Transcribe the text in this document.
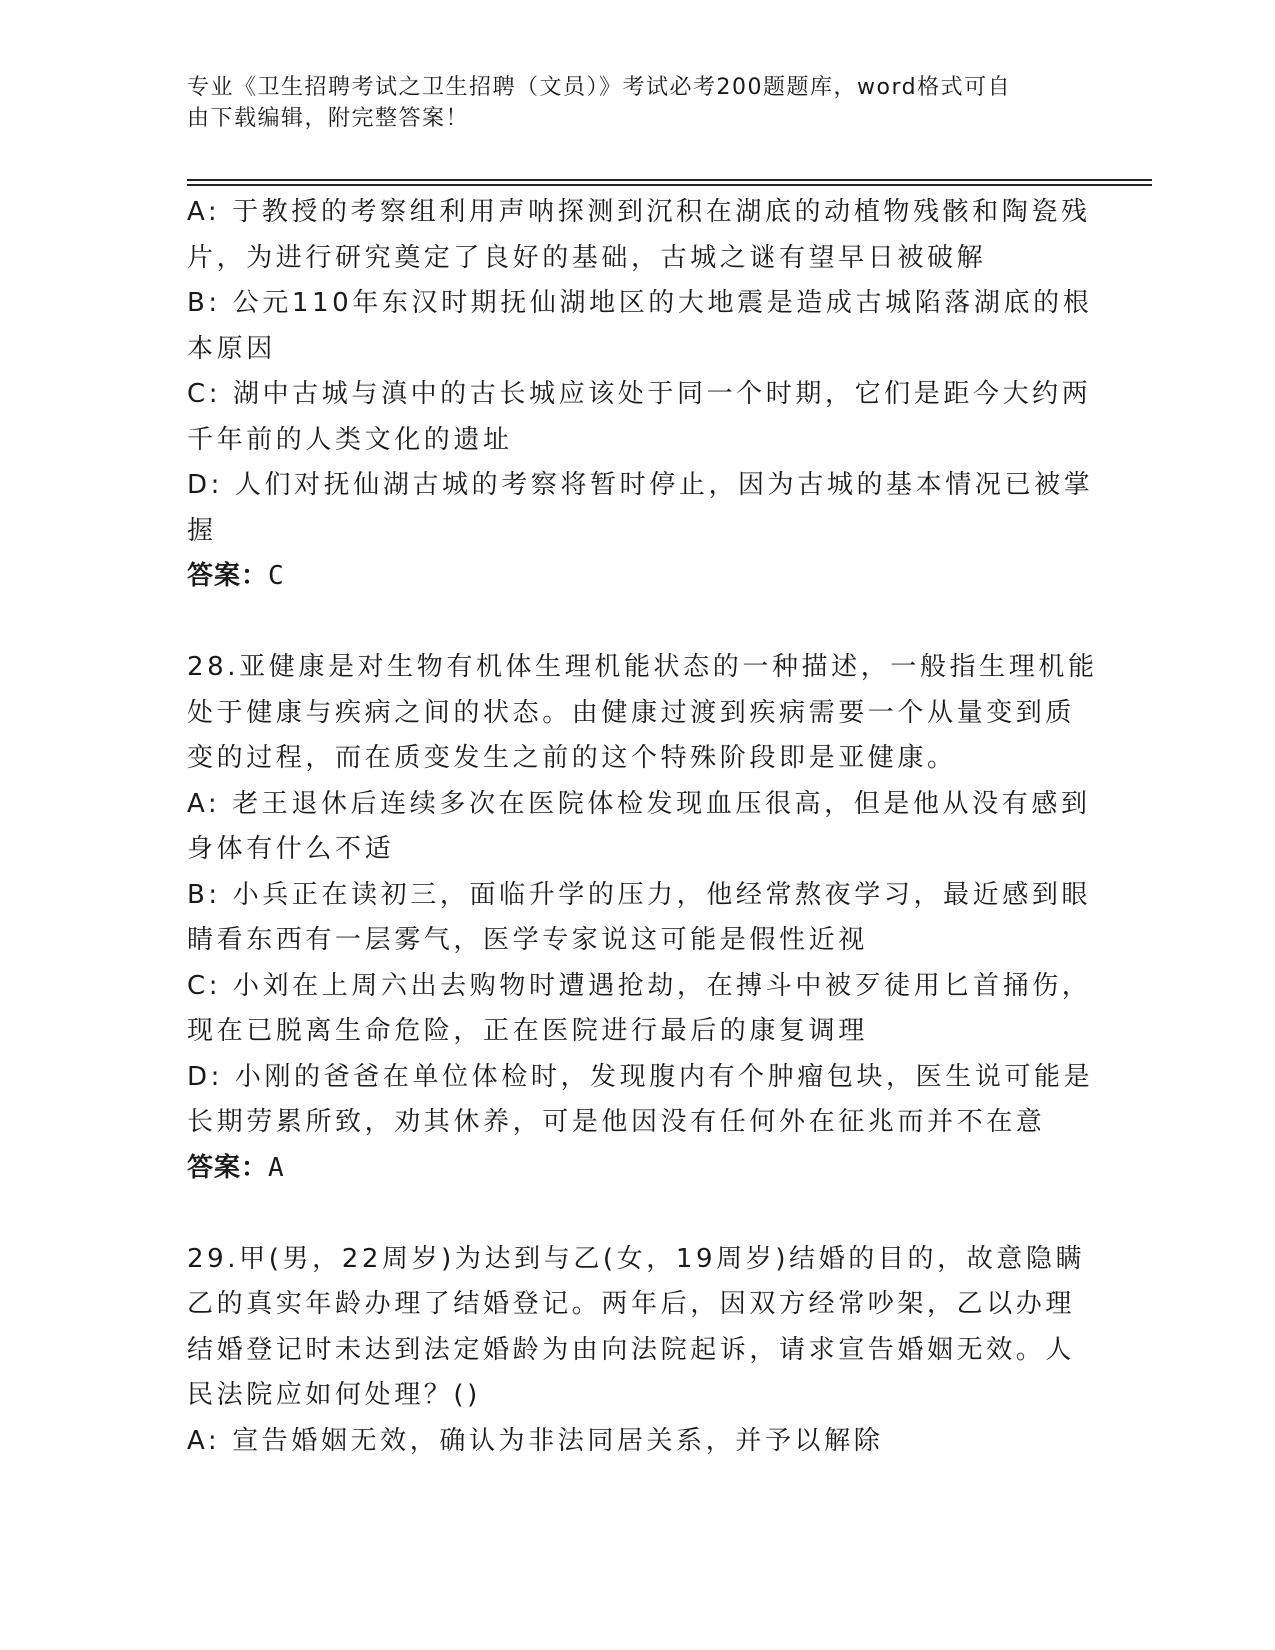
专业《卫生招聘考试之卫生招聘（文员）》考试必考200题题库，word格式可自
由下载编辑，附完整答案！
A: 于教授的考察组利用声呐探测到沉积在湖底的动植物残骸和陶瓷残
片，为进行研究奠定了良好的基础，古城之谜有望早日被破解
B: 公元110年东汉时期抚仙湖地区的大地震是造成古城陷落湖底的根
本原因
C: 湖中古城与滇中的古长城应该处于同一个时期，它们是距今大约两
千年前的人类文化的遗址
D: 人们对抚仙湖古城的考察将暂时停止，因为古城的基本情况已被掌
握
答案：C
28.亚健康是对生物有机体生理机能状态的一种描述，一般指生理机能
处于健康与疾病之间的状态。由健康过渡到疾病需要一个从量变到质
变的过程，而在质变发生之前的这个特殊阶段即是亚健康。
A: 老王退休后连续多次在医院体检发现血压很高，但是他从没有感到
身体有什么不适
B: 小兵正在读初三，面临升学的压力，他经常熬夜学习，最近感到眼
睛看东西有一层雾气，医学专家说这可能是假性近视
C: 小刘在上周六出去购物时遭遇抢劫，在搏斗中被歹徒用匕首捅伤，
现在已脱离生命危险，正在医院进行最后的康复调理
D: 小刚的爸爸在单位体检时，发现腹内有个肿瘤包块，医生说可能是
长期劳累所致，劝其休养，可是他因没有任何外在征兆而并不在意
答案：A
29.甲(男，22周岁)为达到与乙(女，19周岁)结婚的目的，故意隐瞒
乙的真实年龄办理了结婚登记。两年后，因双方经常吵架，乙以办理
结婚登记时未达到法定婚龄为由向法院起诉，请求宣告婚姻无效。人
民法院应如何处理？()
A: 宣告婚姻无效，确认为非法同居关系，并予以解除
